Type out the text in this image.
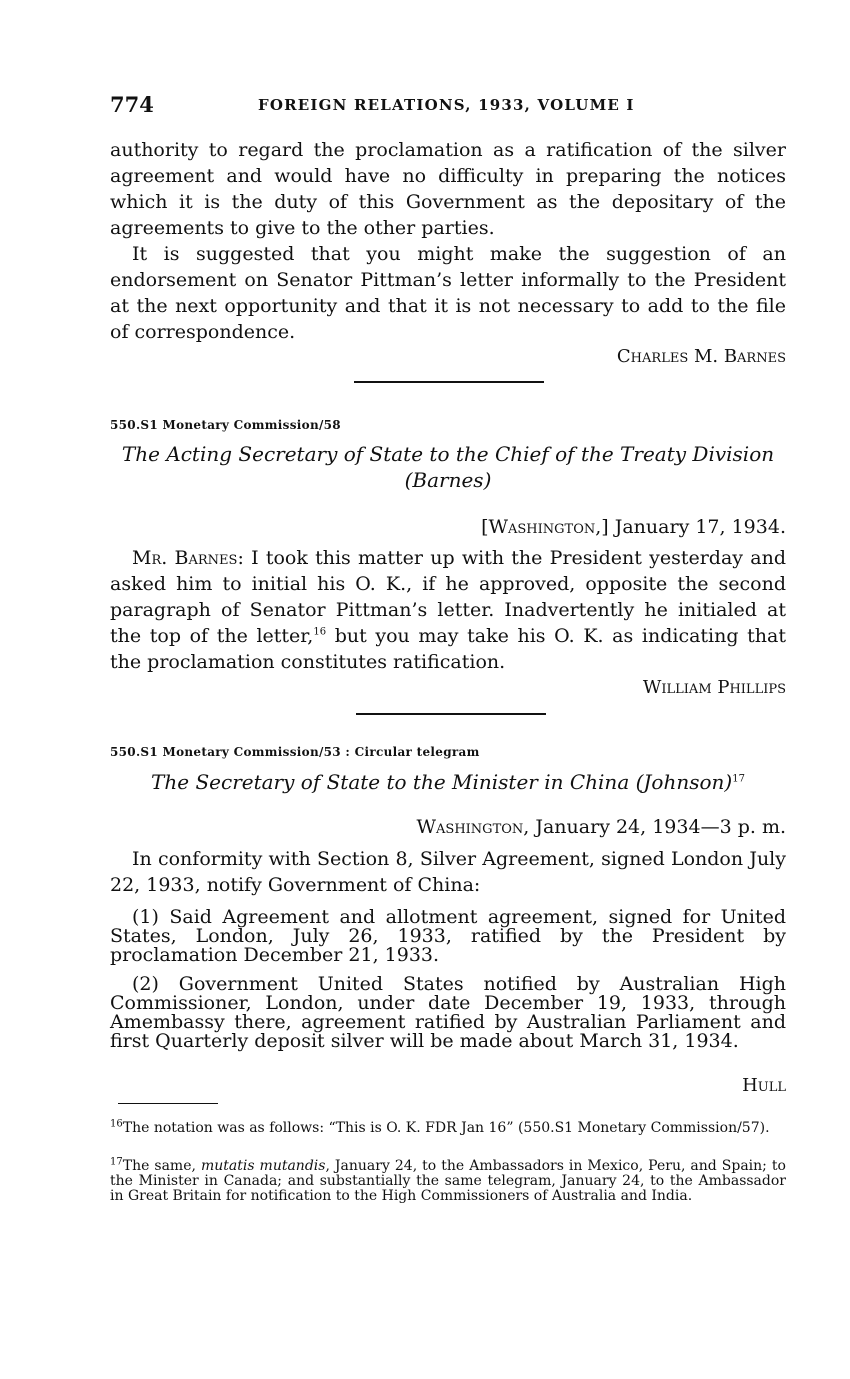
774	FOREIGN RELATIONS, 1933, VOLUME I
authority to regard the proclamation as a ratification of the silver agreement and would have no difficulty in preparing the notices which it is the duty of this Government as the depositary of the agreements to give to the other parties.
It is suggested that you might make the suggestion of an endorsement on Senator Pittman’s letter informally to the President at the next opportunity and that it is not necessary to add to the file of correspondence.
Charles M. Barnes
550.S1 Monetary Commission/58
The Acting Secretary of State to the Chief of the Treaty Division
(Barnes)
[Washington,] January 17, 1934.
Mr. Barnes: I took this matter up with the President yesterday and asked him to initial his O. K., if he approved, opposite the second paragraph of Senator Pittman’s letter. Inadvertently he initialed at the top of the letter,$^{16}$ but you may take his O. K. as indicating that the proclamation constitutes ratification.
William Phillips
550.S1 Monetary Commission/53 : Circular telegram
The Secretary of State to the Minister in China (Johnson)$^{17}$
Washington, January 24, 1934—3 p. m.
In conformity with Section 8, Silver Agreement, signed London July 22, 1933, notify Government of China:
(1) Said Agreement and allotment agreement, signed for United States, London, July 26, 1933, ratified by the President by proclamation December 21, 1933.
(2) Government United States notified by Australian High Commissioner, London, under date December 19, 1933, through Amembassy there, agreement ratified by Australian Parliament and first Quarterly deposit silver will be made about March 31, 1934.
Hull
$^{16}$The notation was as follows: “This is O. K. FDR Jan 16” (550.S1 Monetary Commission/57).
$^{17}$The same, mutatis mutandis, January 24, to the Ambassadors in Mexico, Peru, and Spain; to the Minister in Canada; and substantially the same telegram, January 24, to the Ambassador in Great Britain for notification to the High Commissioners of Australia and India.
